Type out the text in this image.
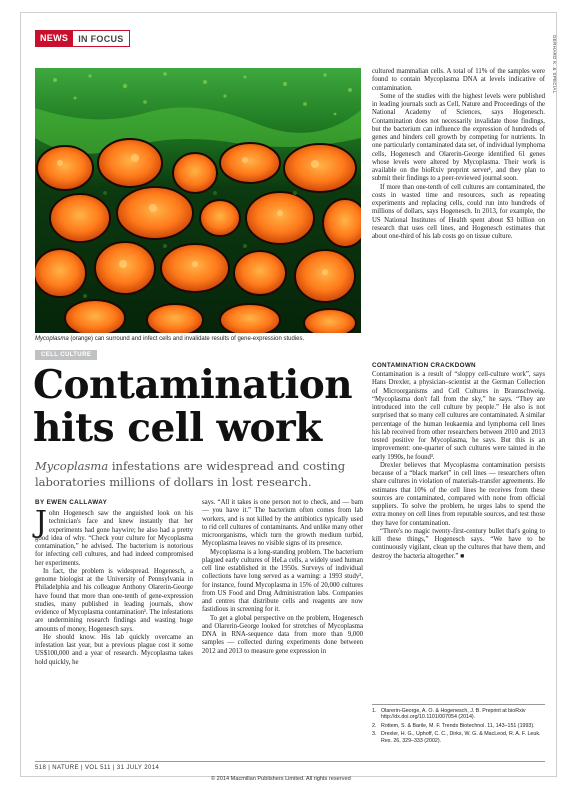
NEWS	IN FOCUS	GERHARD K. & SPECIAL
Mycoplasma (orange) can surround and infect cells and invalidate results of gene-expression studies.
CELL CULTURE
Contamination
hits cell work
Mycoplasma infestations are widespread and costing laboratories millions of dollars in lost research.
BY EWEN CALLAWAY

John Hogenesch saw the anguished look on his technician's face and knew instantly that her experiments had gone haywire; he also had a pretty good idea of why. “Check your culture for Mycoplasma contamination,” he advised. The bacterium is notorious for infecting cell cultures, and had indeed compromised her experiments.

In fact, the problem is widespread. Hogenesch, a genome biologist at the University of Pennsylvania in Philadelphia and his colleague Anthony Olarerin-George have found that more than one-tenth of gene-expression studies, many published in leading journals, show evidence of Mycoplasma contamination¹. The infestations are undermining research findings and wasting huge amounts of money, Hogenesch says.

He should know. His lab quickly overcame an infestation last year, but a previous plague cost it some US$100,000 and a year of research. Mycoplasma takes hold quickly, he

says. “All it takes is one person not to check, and — bam — you have it.” The bacterium often comes from lab workers, and is not killed by the antibiotics typically used to rid cell cultures of contaminants. And unlike many other microorganisms, which turn the growth medium turbid, Mycoplasma leaves no visible signs of its presence.

Mycoplasma is a long-standing problem. The bacterium plagued early cultures of HeLa cells, a widely used human cell line established in the 1950s. Surveys of individual collections have long served as a warning: a 1993 study², for instance, found Mycoplasma in 15% of 20,000 cultures from US Food and Drug Administration labs. Companies and centres that distribute cells and reagents are now fastidious in screening for it.

To get a global perspective on the problem, Hogenesch and Olarerin-George looked for stretches of Mycoplasma DNA in RNA-sequence data from more than 9,000 samples — collected during experiments done between 2012 and 2013 to measure gene expression in

cultured mammalian cells. A total of 11% of the samples were found to contain Mycoplasma DNA at levels indicative of contamination.

Some of the studies with the highest levels were published in leading journals such as Cell, Nature and Proceedings of the National Academy of Sciences, says Hogenesch. Contamination does not necessarily invalidate those findings, but the bacterium can influence the expression of hundreds of genes and hinders cell growth by competing for nutrients. In one particularly contaminated data set, of individual lymphoma cells, Hogenesch and Olarerin-George identified 61 genes whose levels were altered by Mycoplasma. Their work is available on the bioRxiv preprint server¹, and they plan to submit their findings to a peer-reviewed journal soon.

If more than one-tenth of cell cultures are contaminated, the costs in wasted time and resources, such as repeating experiments and replacing cells, could run into hundreds of millions of dollars, says Hogenesch. In 2013, for example, the US National Institutes of Health spent about $3 billion on research that uses cell lines, and Hogenesch estimates that about one-third of his lab costs go on tissue culture.

CONTAMINATION CRACKDOWN

Contamination is a result of “sloppy cell-culture work”, says Hans Drexler, a physician–scientist at the German Collection of Microorganisms and Cell Cultures in Braunschweig. “Mycoplasma don't fall from the sky,” he says. “They are introduced into the cell culture by people.” He also is not surprised that so many cell cultures are contaminated. A similar percentage of the human leukaemia and lymphoma cell lines his lab received from other researchers between 2010 and 2013 tested positive for Mycoplasma, he says. But this is an improvement: one-quarter of such cultures were tainted in the early 1990s, he found³.

Drexler believes that Mycoplasma contamination persists because of a “black market” in cell lines — researchers often share cultures in violation of materials-transfer agreements. He estimates that 10% of the cell lines he receives from these sources are contaminated, compared with none from official suppliers. To solve the problem, he urges labs to spend the extra money on cell lines from reputable sources, and test those they have for contamination.

“There's no magic twenty-first-century bullet that's going to kill these things,” Hogenesch says. “We have to be continuously vigilant, clean up the cultures that have them, and destroy the bacteria altogether.” ■

1. Olarerin-George, A. O. & Hogenesch, J. B. Preprint at bioRxiv http://dx.doi.org/10.1101/007054 (2014).
2. Rottem, S. & Barile, M. F. Trends Biotechnol. 11, 143–151 (1993).
3. Drexler, H. G., Uphoff, C. C., Dirks, W. G. & MacLeod, R. A. F. Leuk. Res. 26, 329–333 (2002).
518 | NATURE | VOL 511 | 31 JULY 2014
© 2014 Macmillan Publishers Limited. All rights reserved
